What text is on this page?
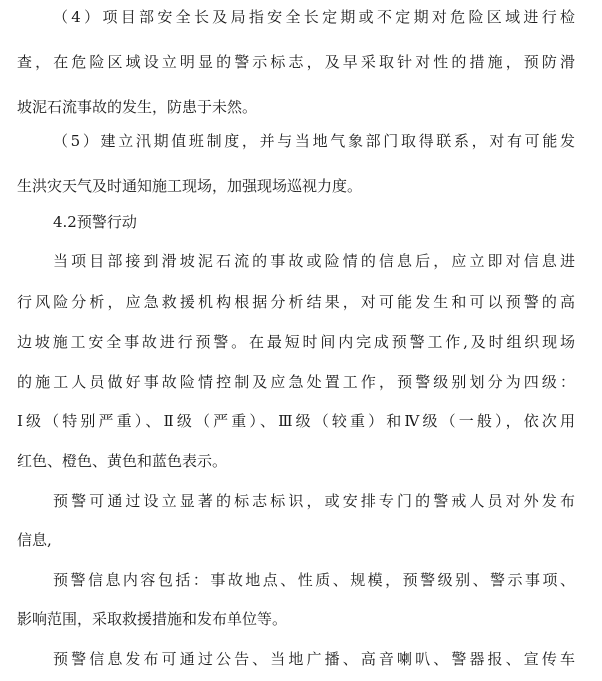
（4）项目部安全长及局指安全长定期或不定期对危险区域进行检
查，在危险区域设立明显的警示标志，及早采取针对性的措施，预防滑
坡泥石流事故的发生，防患于未然。
（5）建立汛期值班制度，并与当地气象部门取得联系，对有可能发
生洪灾天气及时通知施工现场，加强现场巡视力度。
4.2预警行动
当项目部接到滑坡泥石流的事故或险情的信息后，应立即对信息进
行风险分析，应急救援机构根据分析结果，对可能发生和可以预警的高
边坡施工安全事故进行预警。在最短时间内完成预警工作,及时组织现场
的施工人员做好事故险情控制及应急处置工作，预警级别划分为四级：
Ⅰ级（特别严重）、Ⅱ级（严重）、Ⅲ级（较重）和Ⅳ级（一般），依次用
红色、橙色、黄色和蓝色表示。
预警可通过设立显著的标志标识，或安排专门的警戒人员对外发布
信息,
预警信息内容包括：事故地点、性质、规模，预警级别、警示事项、
影响范围，采取救援措施和发布单位等。
预警信息发布可通过公告、当地广播、高音喇叭、警器报、宣传车
